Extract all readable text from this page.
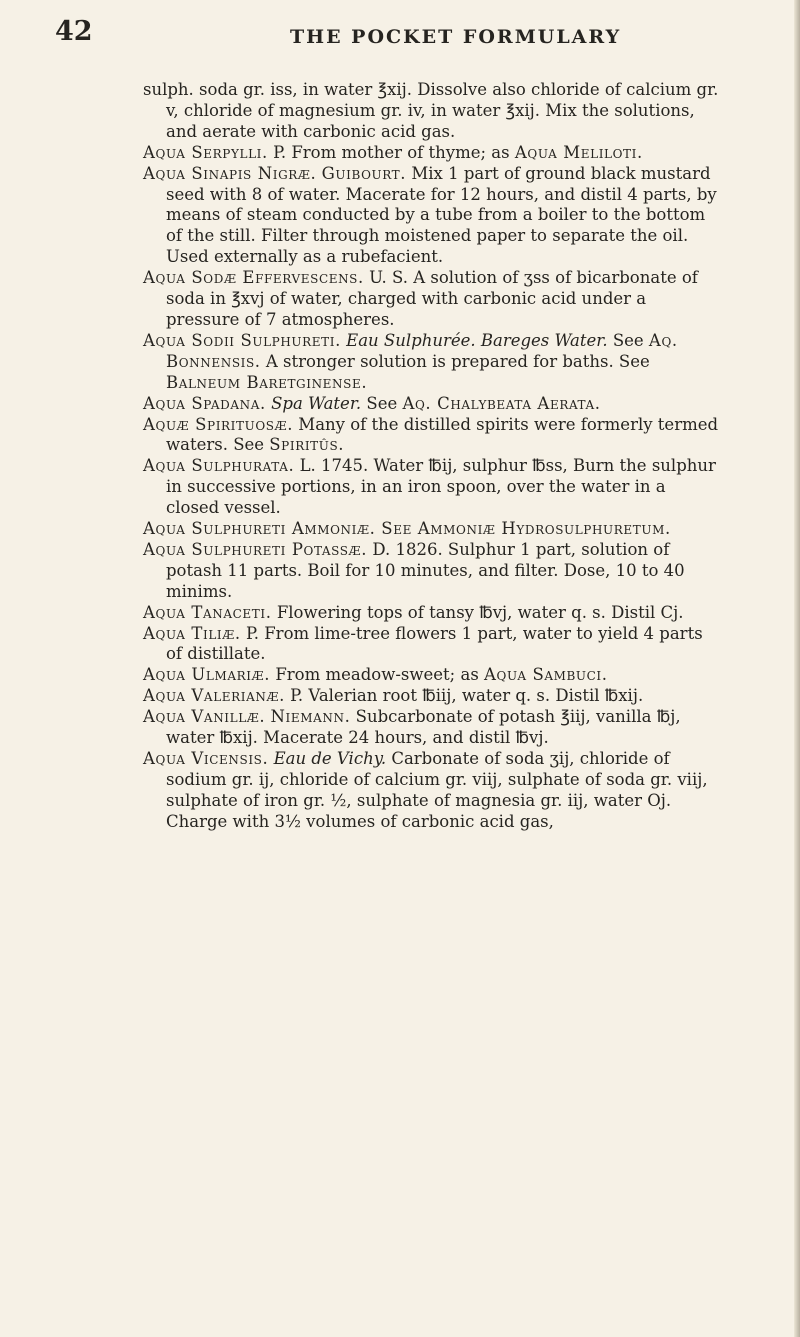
42	THE POCKET FORMULARY

sulph. soda gr. iss, in water ℥xij. Dissolve also chloride of calcium gr. v, chloride of magnesium gr. iv, in water ℥xij. Mix the solutions, and aerate with carbonic acid gas.

Aqua Serpylli. P. From mother of thyme; as Aqua Meliloti.

Aqua Sinapis Nigræ. Guibourt. Mix 1 part of ground black mustard seed with 8 of water. Macerate for 12 hours, and distil 4 parts, by means of steam conducted by a tube from a boiler to the bottom of the still. Filter through moistened paper to separate the oil. Used externally as a rubefacient.

Aqua Sodæ Effervescens. U. S. A solution of ʒss of bicarbonate of soda in ℥xvj of water, charged with carbonic acid under a pressure of 7 atmospheres.

Aqua Sodii Sulphureti. Eau Sulphurée. Bareges Water. See Aq. Bonnensis. A stronger solution is prepared for baths. See Balneum Baretginense.

Aqua Spadana. Spa Water. See Aq. Chalybeata Aerata.

Aquæ Spirituosæ. Many of the distilled spirits were formerly termed waters. See Spiritûs.

Aqua Sulphurata. L. 1745. Water ℔ij, sulphur ℔ss, Burn the sulphur in successive portions, in an iron spoon, over the water in a closed vessel.

Aqua Sulphureti Ammoniæ. See Ammoniæ Hydrosulphuretum.

Aqua Sulphureti Potassæ. D. 1826. Sulphur 1 part, solution of potash 11 parts. Boil for 10 minutes, and filter. Dose, 10 to 40 minims.

Aqua Tanaceti. Flowering tops of tansy ℔vj, water q. s. Distil Cj.

Aqua Tiliæ. P. From lime-tree flowers 1 part, water to yield 4 parts of distillate.

Aqua Ulmariæ. From meadow-sweet; as Aqua Sambuci.

Aqua Valerianæ. P. Valerian root ℔iij, water q. s. Distil ℔xij.

Aqua Vanillæ. Niemann. Subcarbonate of potash ℥iij, vanilla ℔j, water ℔xij. Macerate 24 hours, and distil ℔vj.

Aqua Vicensis. Eau de Vichy. Carbonate of soda ʒij, chloride of sodium gr. ij, chloride of calcium gr. viij, sulphate of soda gr. viij, sulphate of iron gr. ½, sulphate of magnesia gr. iij, water Oj. Charge with 3½ volumes of carbonic acid gas,
